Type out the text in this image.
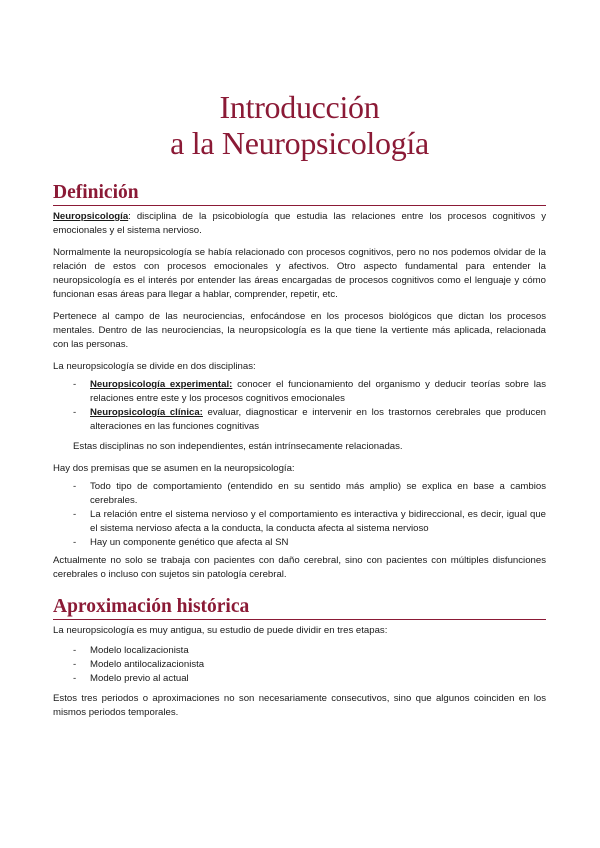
Introducción
a la Neuropsicología
Definición

Neuropsicología: disciplina de la psicobiología que estudia las relaciones entre los procesos cognitivos y emocionales y el sistema nervioso.

Normalmente la neuropsicología se había relacionado con procesos cognitivos, pero no nos podemos olvidar de la relación de estos con procesos emocionales y afectivos. Otro aspecto fundamental para entender la neuropsicología es el interés por entender las áreas encargadas de procesos cognitivos como el lenguaje y cómo funcionan esas áreas para llegar a hablar, comprender, repetir, etc.

Pertenece al campo de las neurociencias, enfocándose en los procesos biológicos que dictan los procesos mentales. Dentro de las neurociencias, la neuropsicología es la que tiene la vertiente más aplicada, relacionada con las personas.

La neuropsicología se divide en dos disciplinas:

- Neuropsicología experimental: conocer el funcionamiento del organismo y deducir teorías sobre las relaciones entre este y los procesos cognitivos emocionales
- Neuropsicología clínica: evaluar, diagnosticar e intervenir en los trastornos cerebrales que producen alteraciones en las funciones cognitivas

Estas disciplinas no son independientes, están intrínsecamente relacionadas.

Hay dos premisas que se asumen en la neuropsicología:

- Todo tipo de comportamiento (entendido en su sentido más amplio) se explica en base a cambios cerebrales.
- La relación entre el sistema nervioso y el comportamiento es interactiva y bidireccional, es decir, igual que el sistema nervioso afecta a la conducta, la conducta afecta al sistema nervioso
- Hay un componente genético que afecta al SN

Actualmente no solo se trabaja con pacientes con daño cerebral, sino con pacientes con múltiples disfunciones cerebrales o incluso con sujetos sin patología cerebral.

Aproximación histórica

La neuropsicología es muy antigua, su estudio de puede dividir en tres etapas:

- Modelo localizacionista
- Modelo antilocalizacionista
- Modelo previo al actual

Estos tres periodos o aproximaciones no son necesariamente consecutivos, sino que algunos coinciden en los mismos periodos temporales.
